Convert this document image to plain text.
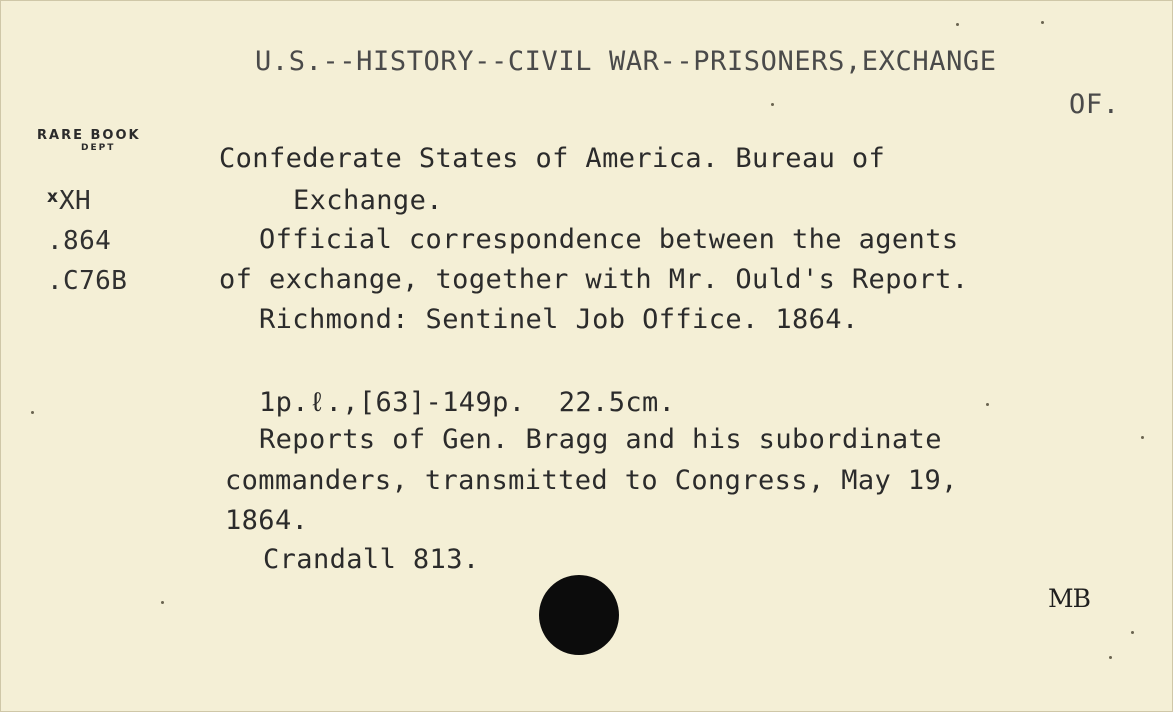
U.S.--HISTORY--CIVIL WAR--PRISONERS,EXCHANGE
OF.
RARE BOOK
DEPT
x XH
.864
.C76B
Confederate States of America. Bureau of
Exchange.
Official correspondence between the agents
of exchange, together with Mr. Ould's Report.
Richmond: Sentinel Job Office. 1864.
1p.ℓ.,[63]-149p.  22.5cm.
Reports of Gen. Bragg and his subordinate
commanders, transmitted to Congress, May 19,
1864.
Crandall 813.
MB
